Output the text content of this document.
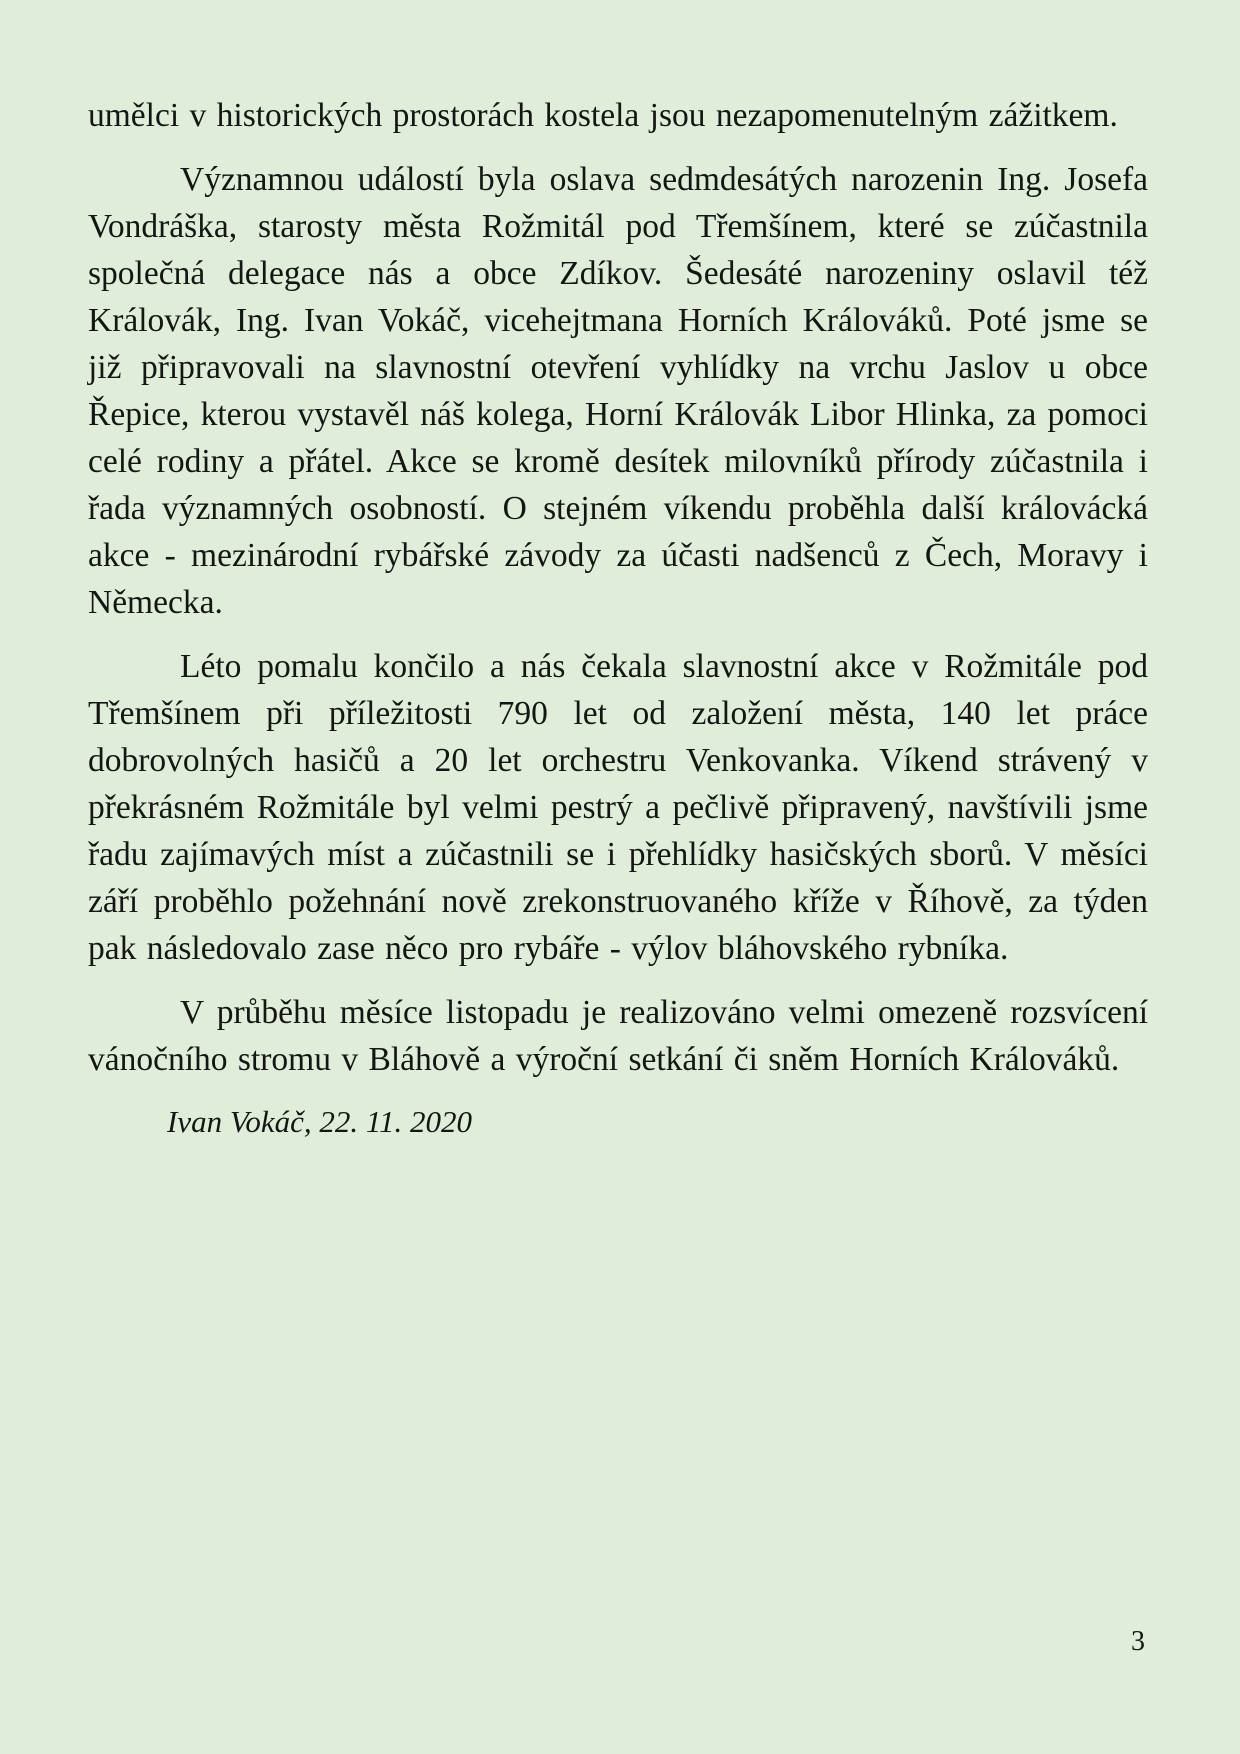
umělci v historických prostorách kostela jsou nezapomenutelným zážitkem.

Významnou událostí byla oslava sedmdesátých narozenin Ing. Josefa Vondráška, starosty města Rožmitál pod Třemšínem, které se zúčastnila společná delegace nás a obce Zdíkov. Šedesáté narozeniny oslavil též Královák, Ing. Ivan Vokáč, vicehejtmana Horních Králováků. Poté jsme se již připravovali na slavnostní otevření vyhlídky na vrchu Jaslov u obce Řepice, kterou vystavěl náš kolega, Horní Královák Libor Hlinka, za pomoci celé rodiny a přátel. Akce se kromě desítek milovníků přírody zúčastnila i řada významných osobností. O stejném víkendu proběhla další královácká akce - mezinárodní rybářské závody za účasti nadšenců z Čech, Moravy i Německa.

Léto pomalu končilo a nás čekala slavnostní akce v Rožmitále pod Třemšínem při příležitosti 790 let od založení města, 140 let práce dobrovolných hasičů a 20 let orchestru Venkovanka. Víkend strávený v překrásném Rožmitále byl velmi pestrý a pečlivě připravený, navštívili jsme řadu zajímavých míst a zúčastnili se i přehlídky hasičských sborů. V měsíci září proběhlo požehnání nově zrekonstruovaného kříže v Říhově, za týden pak následovalo zase něco pro rybáře - výlov bláhovského rybníka.

V průběhu měsíce listopadu je realizováno velmi omezeně rozsvícení vánočního stromu v Bláhově a výroční setkání či sněm Horních Králováků.

Ivan Vokáč, 22. 11. 2020

3
